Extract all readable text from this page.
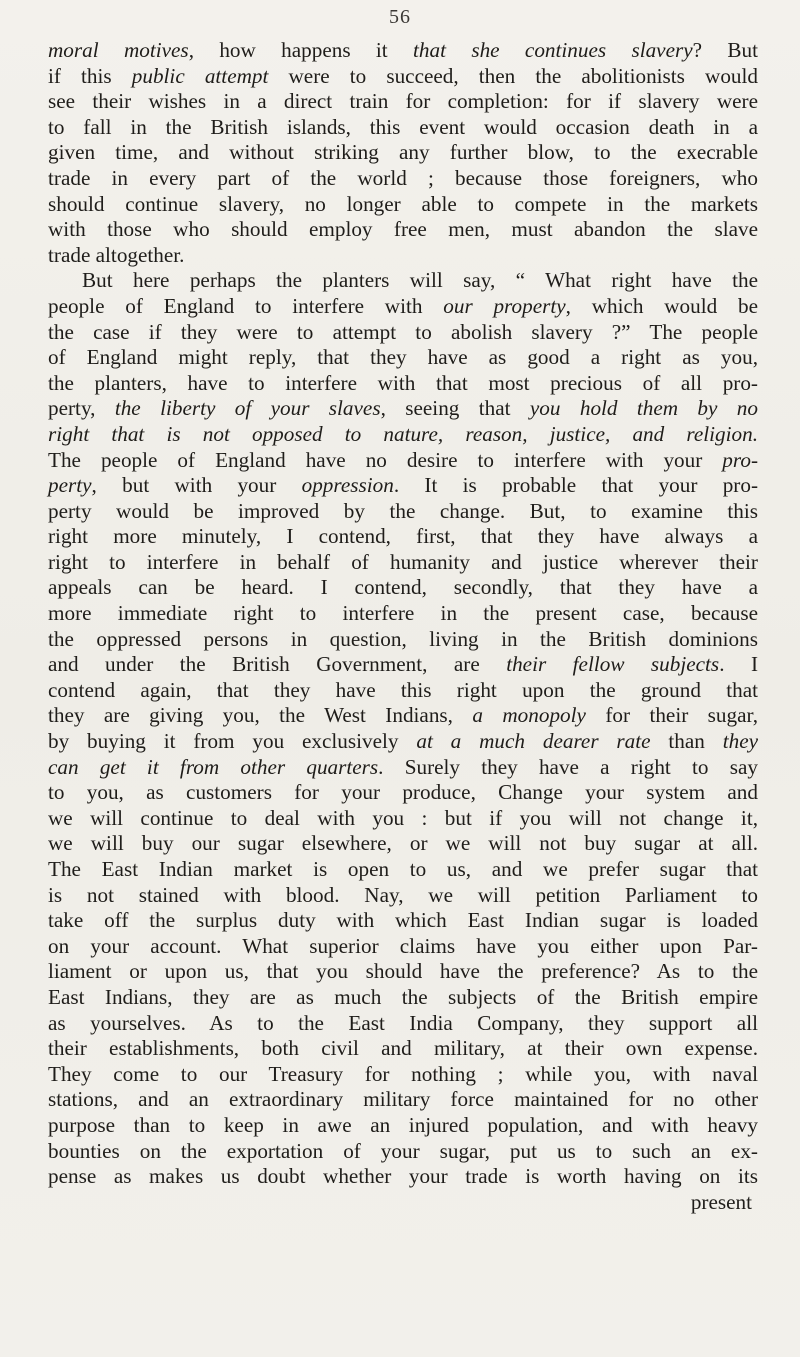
56
moral motives, how happens it that she continues slavery? But
if this public attempt were to succeed, then the abolitionists would
see their wishes in a direct train for completion: for if slavery were
to fall in the British islands, this event would occasion death in a
given time, and without striking any further blow, to the execrable
trade in every part of the world ; because those foreigners, who
should continue slavery, no longer able to compete in the markets
with those who should employ free men, must abandon the slave
trade altogether.
But here perhaps the planters will say, “ What right have the
people of England to interfere with our property, which would be
the case if they were to attempt to abolish slavery ?” The people
of England might reply, that they have as good a right as you,
the planters, have to interfere with that most precious of all pro-
perty, the liberty of your slaves, seeing that you hold them by no
right that is not opposed to nature, reason, justice, and religion.
The people of England have no desire to interfere with your pro-
perty, but with your oppression. It is probable that your pro-
perty would be improved by the change. But, to examine this
right more minutely, I contend, first, that they have always a
right to interfere in behalf of humanity and justice wherever their
appeals can be heard. I contend, secondly, that they have a
more immediate right to interfere in the present case, because
the oppressed persons in question, living in the British dominions
and under the British Government, are their fellow subjects. I
contend again, that they have this right upon the ground that
they are giving you, the West Indians, a monopoly for their sugar,
by buying it from you exclusively at a much dearer rate than they
can get it from other quarters. Surely they have a right to say
to you, as customers for your produce, Change your system and
we will continue to deal with you : but if you will not change it,
we will buy our sugar elsewhere, or we will not buy sugar at all.
The East Indian market is open to us, and we prefer sugar that
is not stained with blood. Nay, we will petition Parliament to
take off the surplus duty with which East Indian sugar is loaded
on your account. What superior claims have you either upon Par-
liament or upon us, that you should have the preference? As to the
East Indians, they are as much the subjects of the British empire
as yourselves. As to the East India Company, they support all
their establishments, both civil and military, at their own expense.
They come to our Treasury for nothing ; while you, with naval
stations, and an extraordinary military force maintained for no other
purpose than to keep in awe an injured population, and with heavy
bounties on the exportation of your sugar, put us to such an ex-
pense as makes us doubt whether your trade is worth having on its
present
